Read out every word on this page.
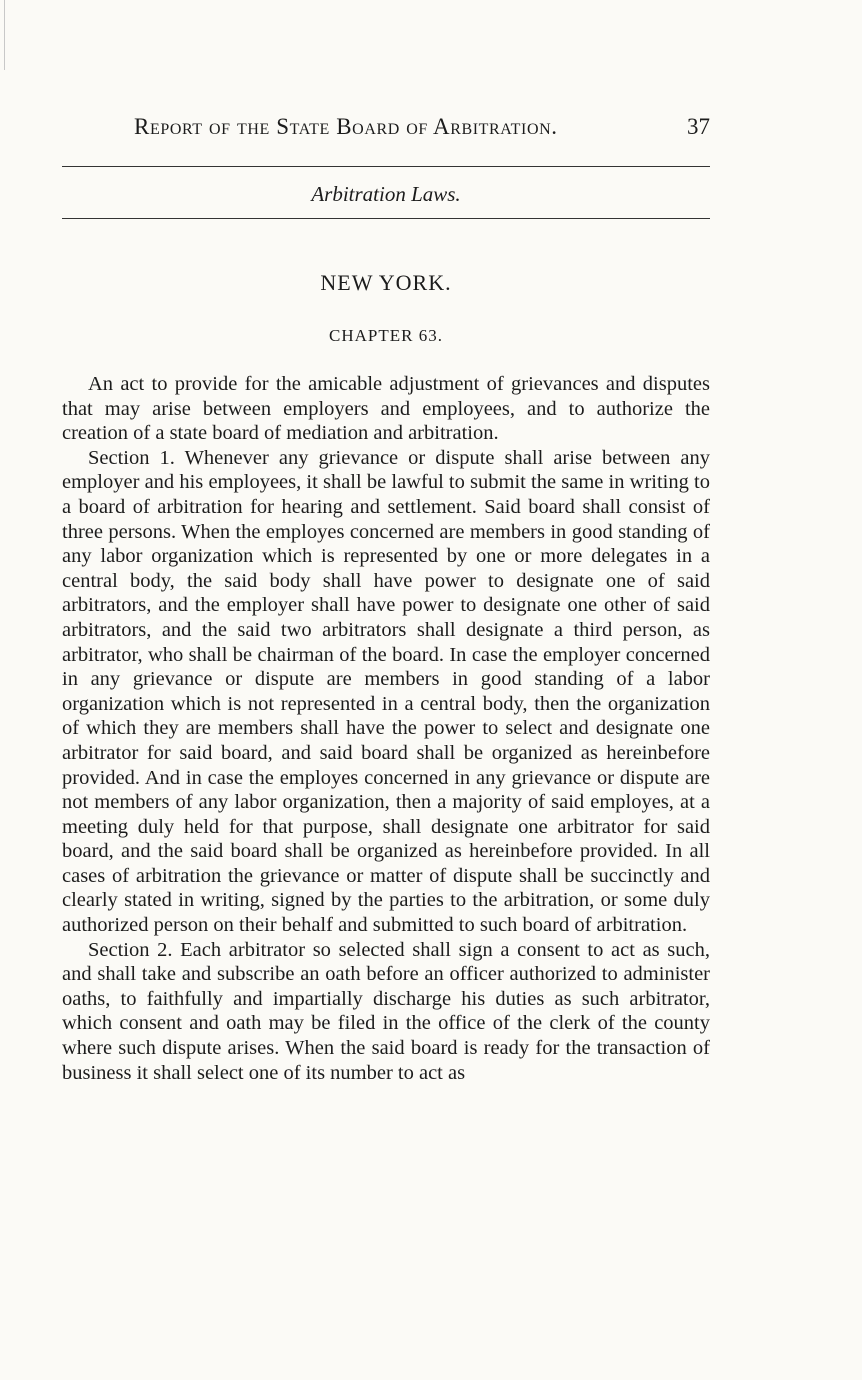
Report of the State Board of Arbitration.	37
Arbitration Laws.
NEW YORK.
CHAPTER 63.

An act to provide for the amicable adjustment of grievances and disputes that may arise between employers and employees, and to authorize the creation of a state board of mediation and arbitration.

Section 1. Whenever any grievance or dispute shall arise between any employer and his employees, it shall be lawful to submit the same in writing to a board of arbitration for hearing and settlement. Said board shall consist of three persons. When the employes concerned are members in good standing of any labor organization which is represented by one or more delegates in a central body, the said body shall have power to designate one of said arbitrators, and the employer shall have power to designate one other of said arbitrators, and the said two arbitrators shall designate a third person, as arbitrator, who shall be chairman of the board. In case the employer concerned in any grievance or dispute are members in good standing of a labor organization which is not represented in a central body, then the organization of which they are members shall have the power to select and designate one arbitrator for said board, and said board shall be organized as hereinbefore provided. And in case the employes concerned in any grievance or dispute are not members of any labor organization, then a majority of said employes, at a meeting duly held for that purpose, shall designate one arbitrator for said board, and the said board shall be organized as hereinbefore provided. In all cases of arbitration the grievance or matter of dispute shall be succinctly and clearly stated in writing, signed by the parties to the arbitration, or some duly authorized person on their behalf and submitted to such board of arbitration.

Section 2. Each arbitrator so selected shall sign a consent to act as such, and shall take and subscribe an oath before an officer authorized to administer oaths, to faithfully and impartially discharge his duties as such arbitrator, which consent and oath may be filed in the office of the clerk of the county where such dispute arises. When the said board is ready for the transaction of business it shall select one of its number to act as
